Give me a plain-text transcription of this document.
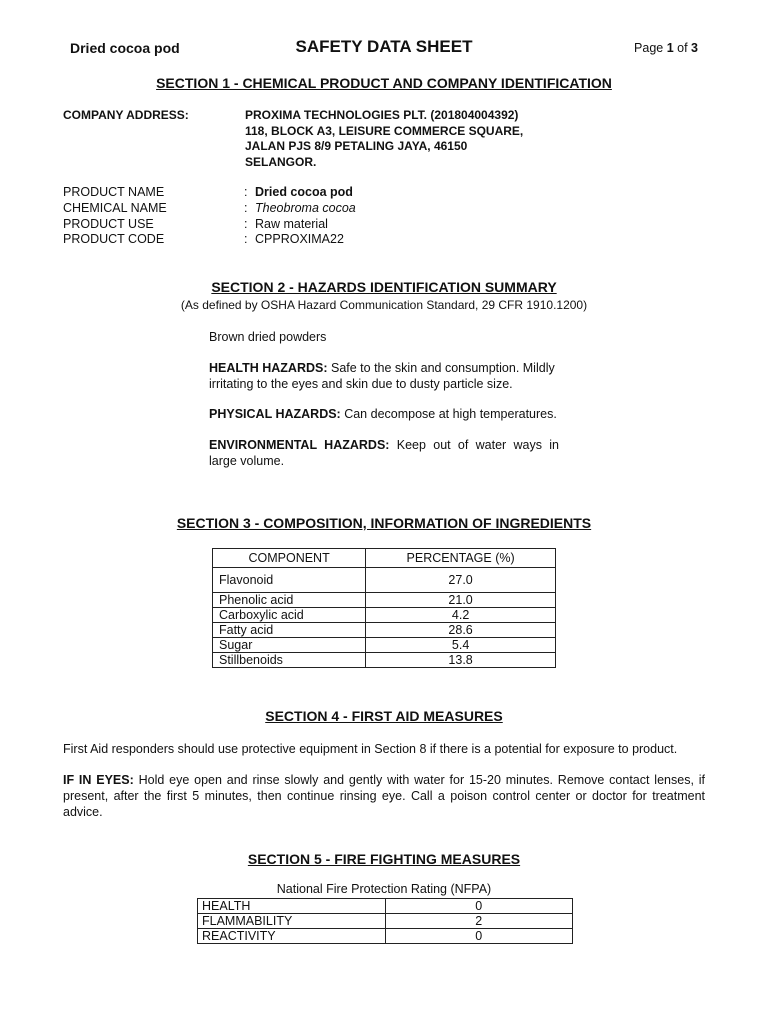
Dried cocoa pod	SAFETY DATA SHEET	Page 1 of 3
SECTION 1 - CHEMICAL PRODUCT AND COMPANY IDENTIFICATION
COMPANY ADDRESS:	PROXIMA TECHNOLOGIES PLT. (201804004392)
118, BLOCK A3, LEISURE COMMERCE SQUARE,
JALAN PJS 8/9 PETALING JAYA, 46150
SELANGOR.
PRODUCT NAME	: Dried cocoa pod
CHEMICAL NAME	: Theobroma cocoa
PRODUCT USE	: Raw material
PRODUCT CODE	: CPPROXIMA22
SECTION 2 - HAZARDS IDENTIFICATION SUMMARY
(As defined by OSHA Hazard Communication Standard, 29 CFR 1910.1200)
Brown dried powders
HEALTH HAZARDS: Safe to the skin and consumption. Mildly irritating to the eyes and skin due to dusty particle size.
PHYSICAL HAZARDS: Can decompose at high temperatures.
ENVIRONMENTAL HAZARDS: Keep out of water ways in large volume.
SECTION 3 - COMPOSITION, INFORMATION OF INGREDIENTS
COMPONENT	PERCENTAGE (%)
Flavonoid	27.0
Phenolic acid	21.0
Carboxylic acid	4.2
Fatty acid	28.6
Sugar	5.4
Stillbenoids	13.8
SECTION 4 - FIRST AID MEASURES
First Aid responders should use protective equipment in Section 8 if there is a potential for exposure to product.
IF IN EYES: Hold eye open and rinse slowly and gently with water for 15-20 minutes. Remove contact lenses, if present, after the first 5 minutes, then continue rinsing eye. Call a poison control center or doctor for treatment advice.
SECTION 5 - FIRE FIGHTING MEASURES
National Fire Protection Rating (NFPA)
HEALTH	0
FLAMMABILITY	2
REACTIVITY	0
